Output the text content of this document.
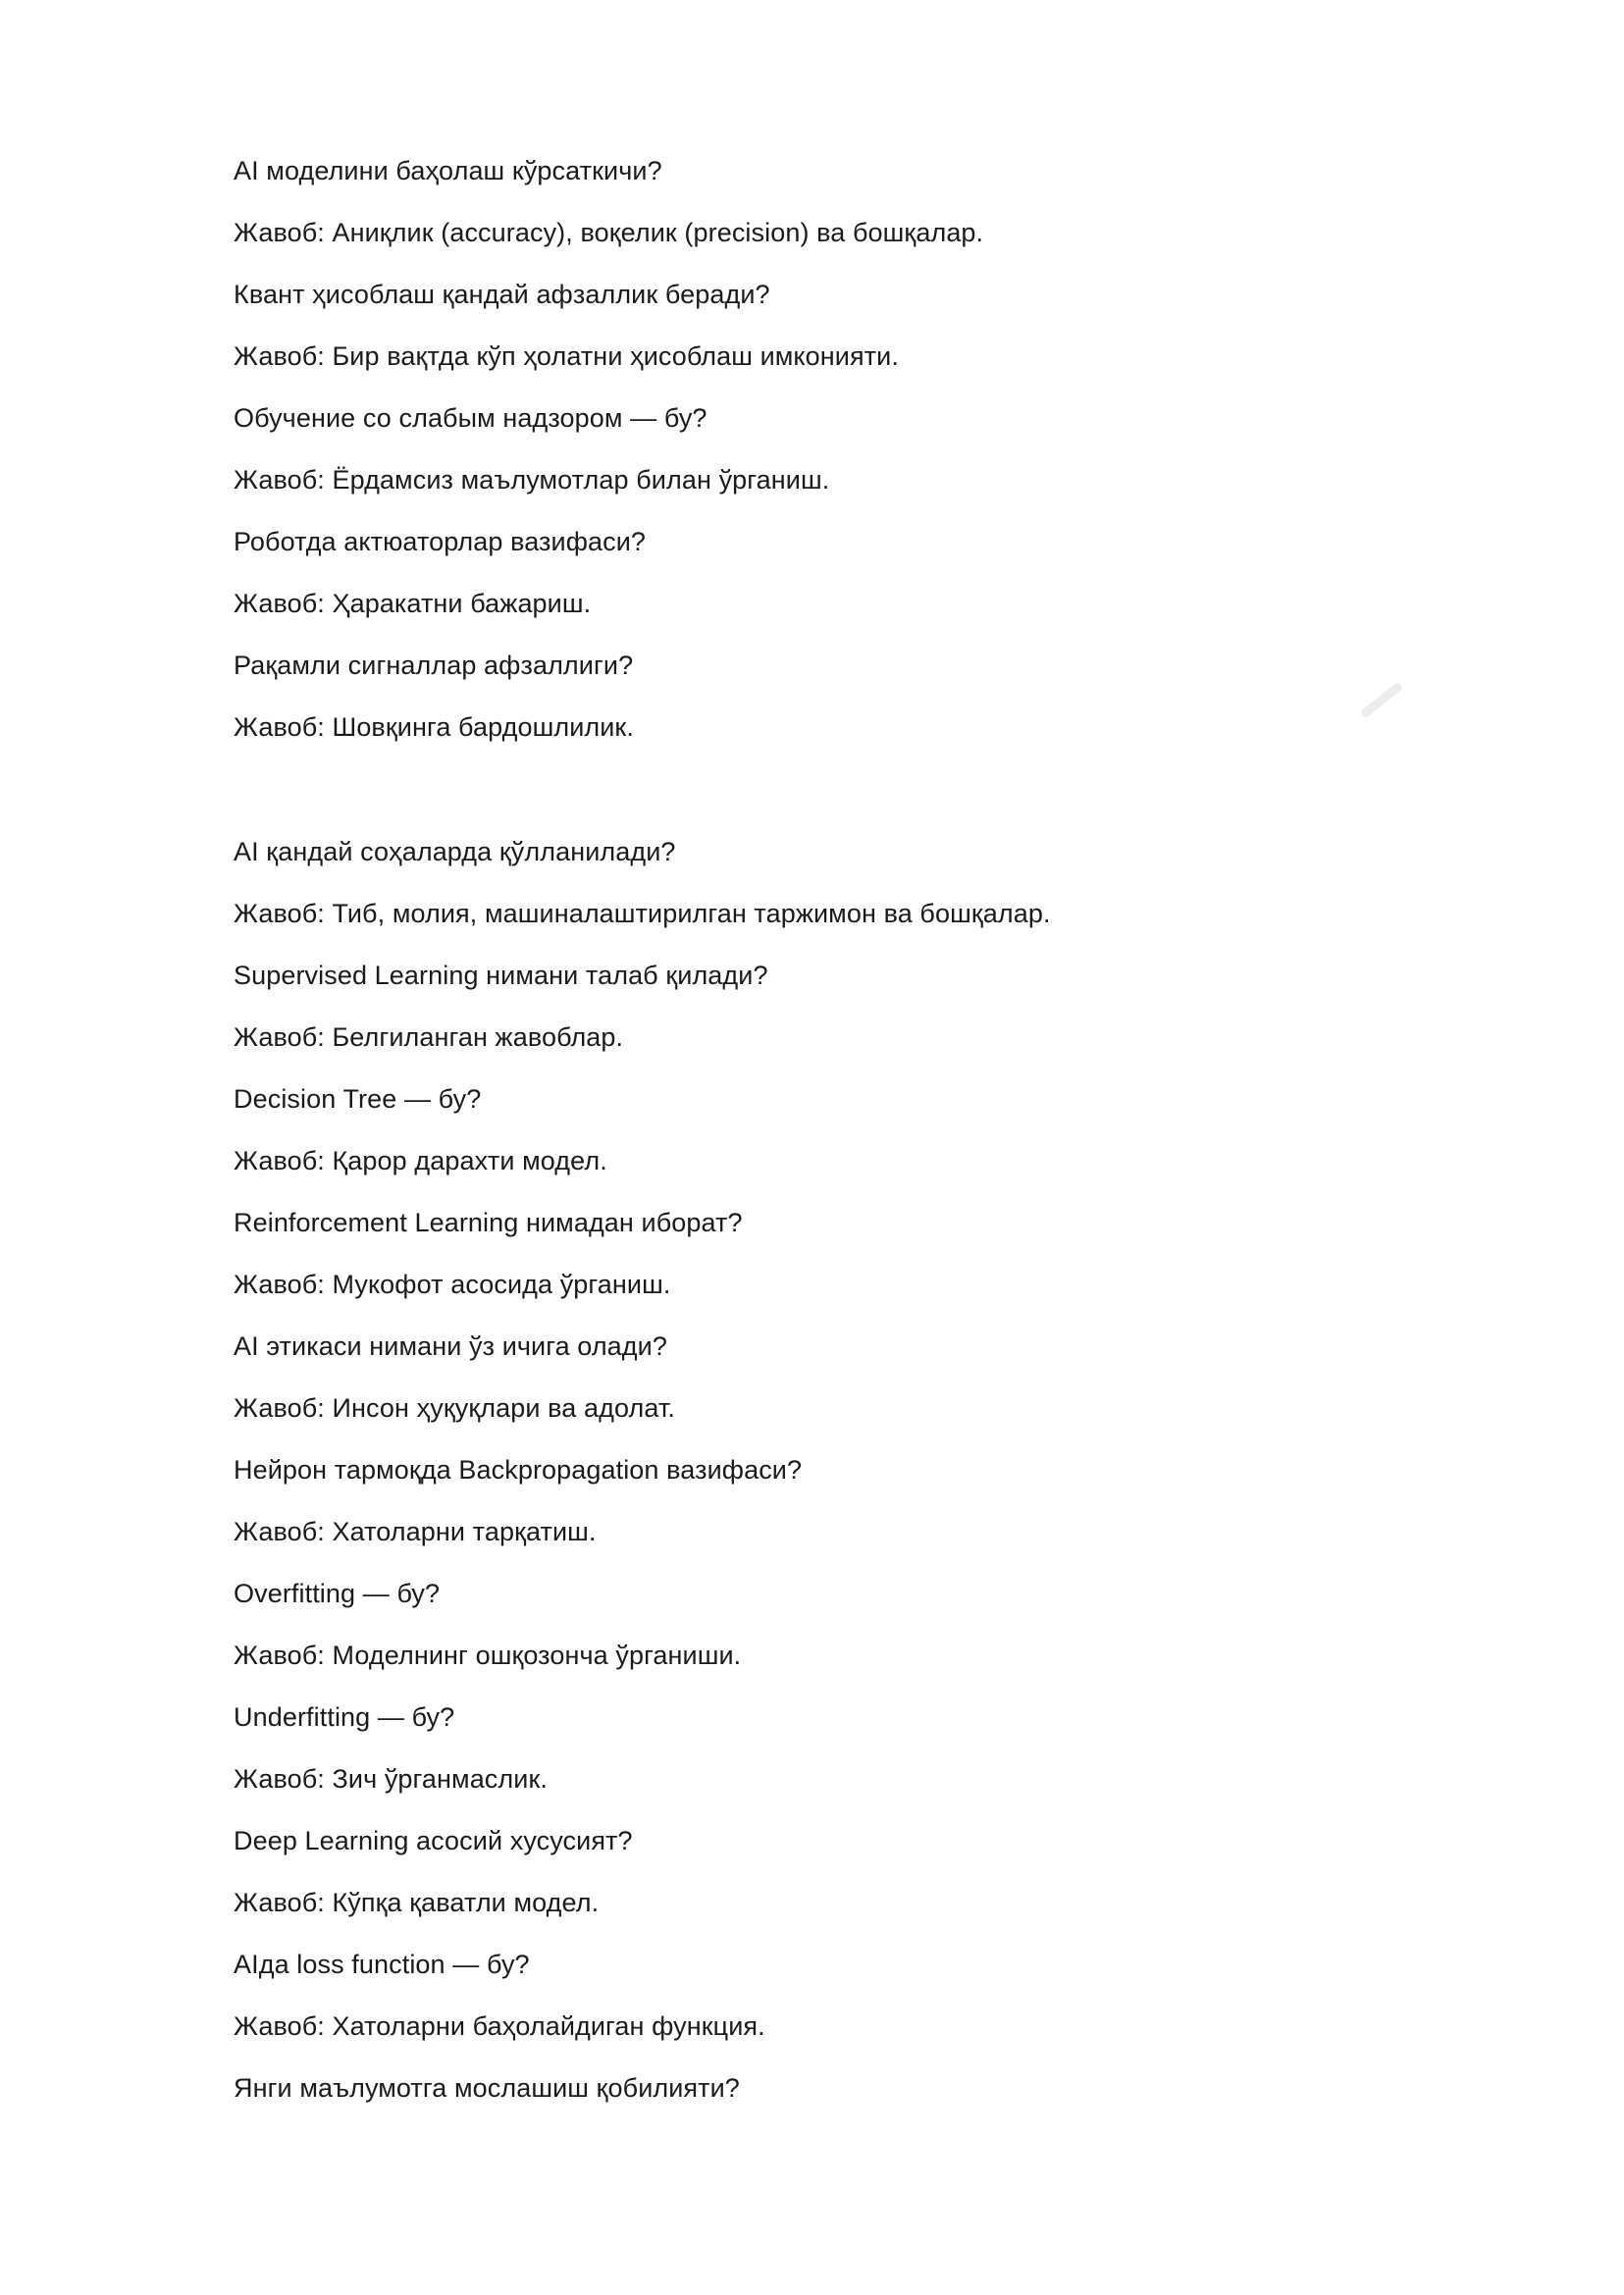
AI моделини баҳолаш кўрсаткичи?
Жавоб: Аниқлик (accuracy), воқелик (precision) ва бошқалар.
Квант ҳисоблаш қандай афзаллик беради?
Жавоб: Бир вақтда кўп ҳолатни ҳисоблаш имконияти.
Обучение со слабым надзором — бу?
Жавоб: Ёрдамсиз маълумотлар билан ўрганиш.
Роботда актюаторлар вазифаси?
Жавоб: Ҳаракатни бажариш.
Рақамли сигналлар афзаллиги?
Жавоб: Шовқинга бардошлилик.
AI қандай соҳаларда қўлланилади?
Жавоб: Тиб, молия, машиналаштирилган таржимон ва бошқалар.
Supervised Learning нимани талаб қилади?
Жавоб: Белгиланган жавоблар.
Decision Tree — бу?
Жавоб: Қарор дарахти модел.
Reinforcement Learning нимадан иборат?
Жавоб: Мукофот асосида ўрганиш.
AI этикаси нимани ўз ичига олади?
Жавоб: Инсон ҳуқуқлари ва адолат.
Нейрон тармоқда Backpropagation вазифаси?
Жавоб: Хатоларни тарқатиш.
Overfitting — бу?
Жавоб: Моделнинг ошқозонча ўрганиши.
Underfitting — бу?
Жавоб: Зич ўрганмаслик.
Deep Learning асосий хусусият?
Жавоб: Кўпқа қаватли модел.
AIда loss function — бу?
Жавоб: Хатоларни баҳолайдиган функция.
Янги маълумотга мослашиш қобилияти?
